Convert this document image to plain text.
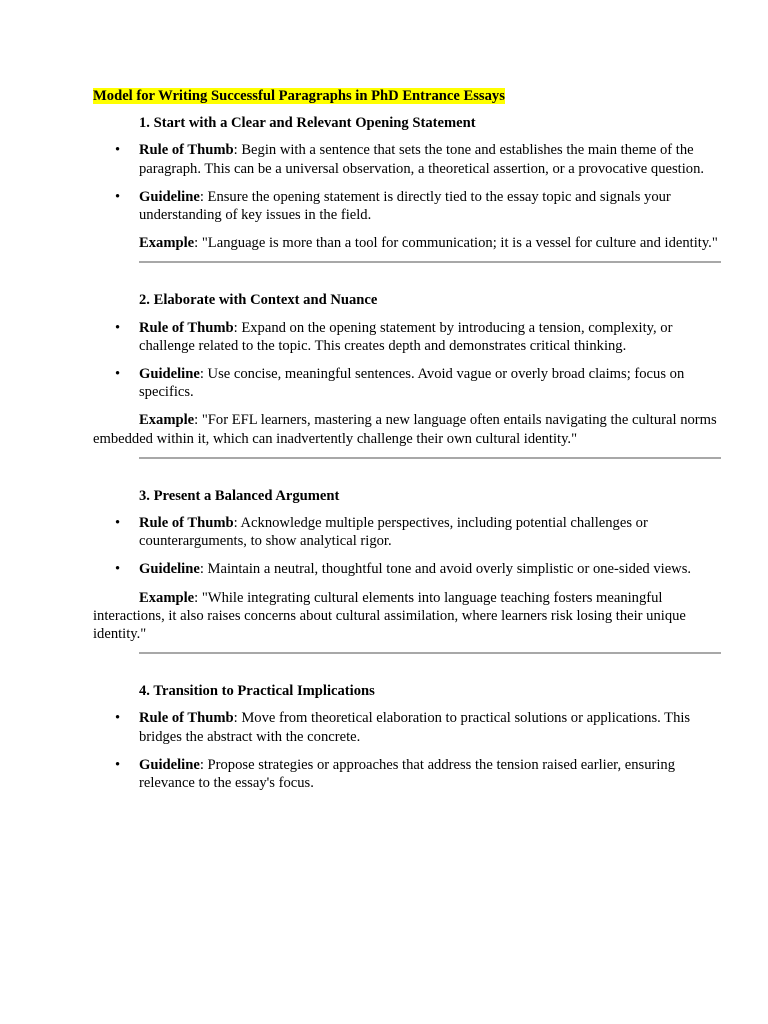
Model for Writing Successful Paragraphs in PhD Entrance Essays

1. Start with a Clear and Relevant Opening Statement

• Rule of Thumb: Begin with a sentence that sets the tone and establishes the main theme of the paragraph. This can be a universal observation, a theoretical assertion, or a provocative question.
• Guideline: Ensure the opening statement is directly tied to the essay topic and signals your understanding of key issues in the field.

Example: "Language is more than a tool for communication; it is a vessel for culture and identity."

2. Elaborate with Context and Nuance

• Rule of Thumb: Expand on the opening statement by introducing a tension, complexity, or challenge related to the topic. This creates depth and demonstrates critical thinking.
• Guideline: Use concise, meaningful sentences. Avoid vague or overly broad claims; focus on specifics.

Example: "For EFL learners, mastering a new language often entails navigating the cultural norms embedded within it, which can inadvertently challenge their own cultural identity."

3. Present a Balanced Argument

• Rule of Thumb: Acknowledge multiple perspectives, including potential challenges or counterarguments, to show analytical rigor.
• Guideline: Maintain a neutral, thoughtful tone and avoid overly simplistic or one-sided views.

Example: "While integrating cultural elements into language teaching fosters meaningful interactions, it also raises concerns about cultural assimilation, where learners risk losing their unique identity."

4. Transition to Practical Implications

• Rule of Thumb: Move from theoretical elaboration to practical solutions or applications. This bridges the abstract with the concrete.
• Guideline: Propose strategies or approaches that address the tension raised earlier, ensuring relevance to the essay's focus.
